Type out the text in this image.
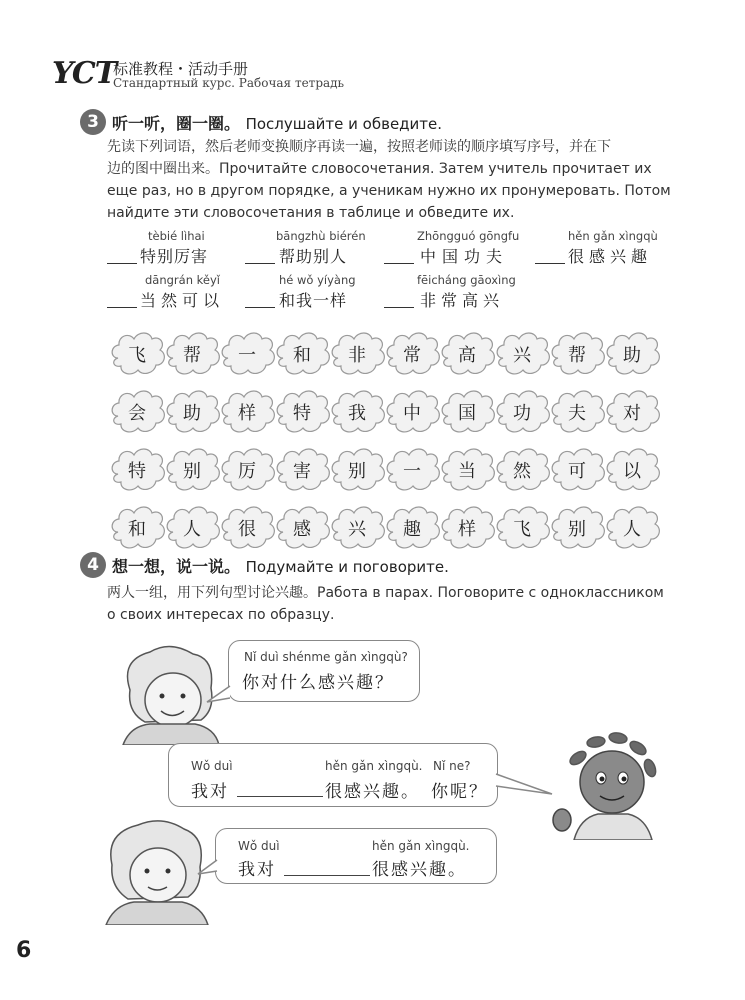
YCT
标准教程・活动手册
Стандартный курс. Рабочая тетрадь
3 听一听，圈一圈。 Послушайте и обведите.
先读下列词语，然后老师变换顺序再读一遍，按照老师读的顺序填写序号，并在下
边的图中圈出来。Прочитайте словосочетания. Затем учитель прочитает их
еще раз, но в другом порядке, а ученикам нужно их пронумеровать. Потом
найдите эти словосочетания в таблице и обведите их.
tèbié lìhai
特别厉害
bāngzhù biérén
帮助别人
Zhōngguó gōngfu
中国功夫
hěn gǎn xìngqù
很感兴趣
dāngrán kěyǐ
当然可以
hé wǒ yíyàng
和我一样
fēicháng gāoxìng
非常高兴
飞	帮	一	和	非	常	高	兴	帮	助
会	助	样	特	我	中	国	功	夫	对
特	别	厉	害	别	一	当	然	可	以
和	人	很	感	兴	趣	样	飞	别	人
4 想一想，说一说。 Подумайте и поговорите.
两人一组，用下列句型讨论兴趣。Работа в парах. Поговорите с одноклассником
о своих интересах по образцу.
Nǐ duì shénme gǎn xìngqù?
你对什么感兴趣？
Wǒ duì
我对
hěn gǎn xìngqù.
很感兴趣。
Nǐ ne?
你呢？
Wǒ duì
我对
hěn gǎn xìngqù.
很感兴趣。
6
